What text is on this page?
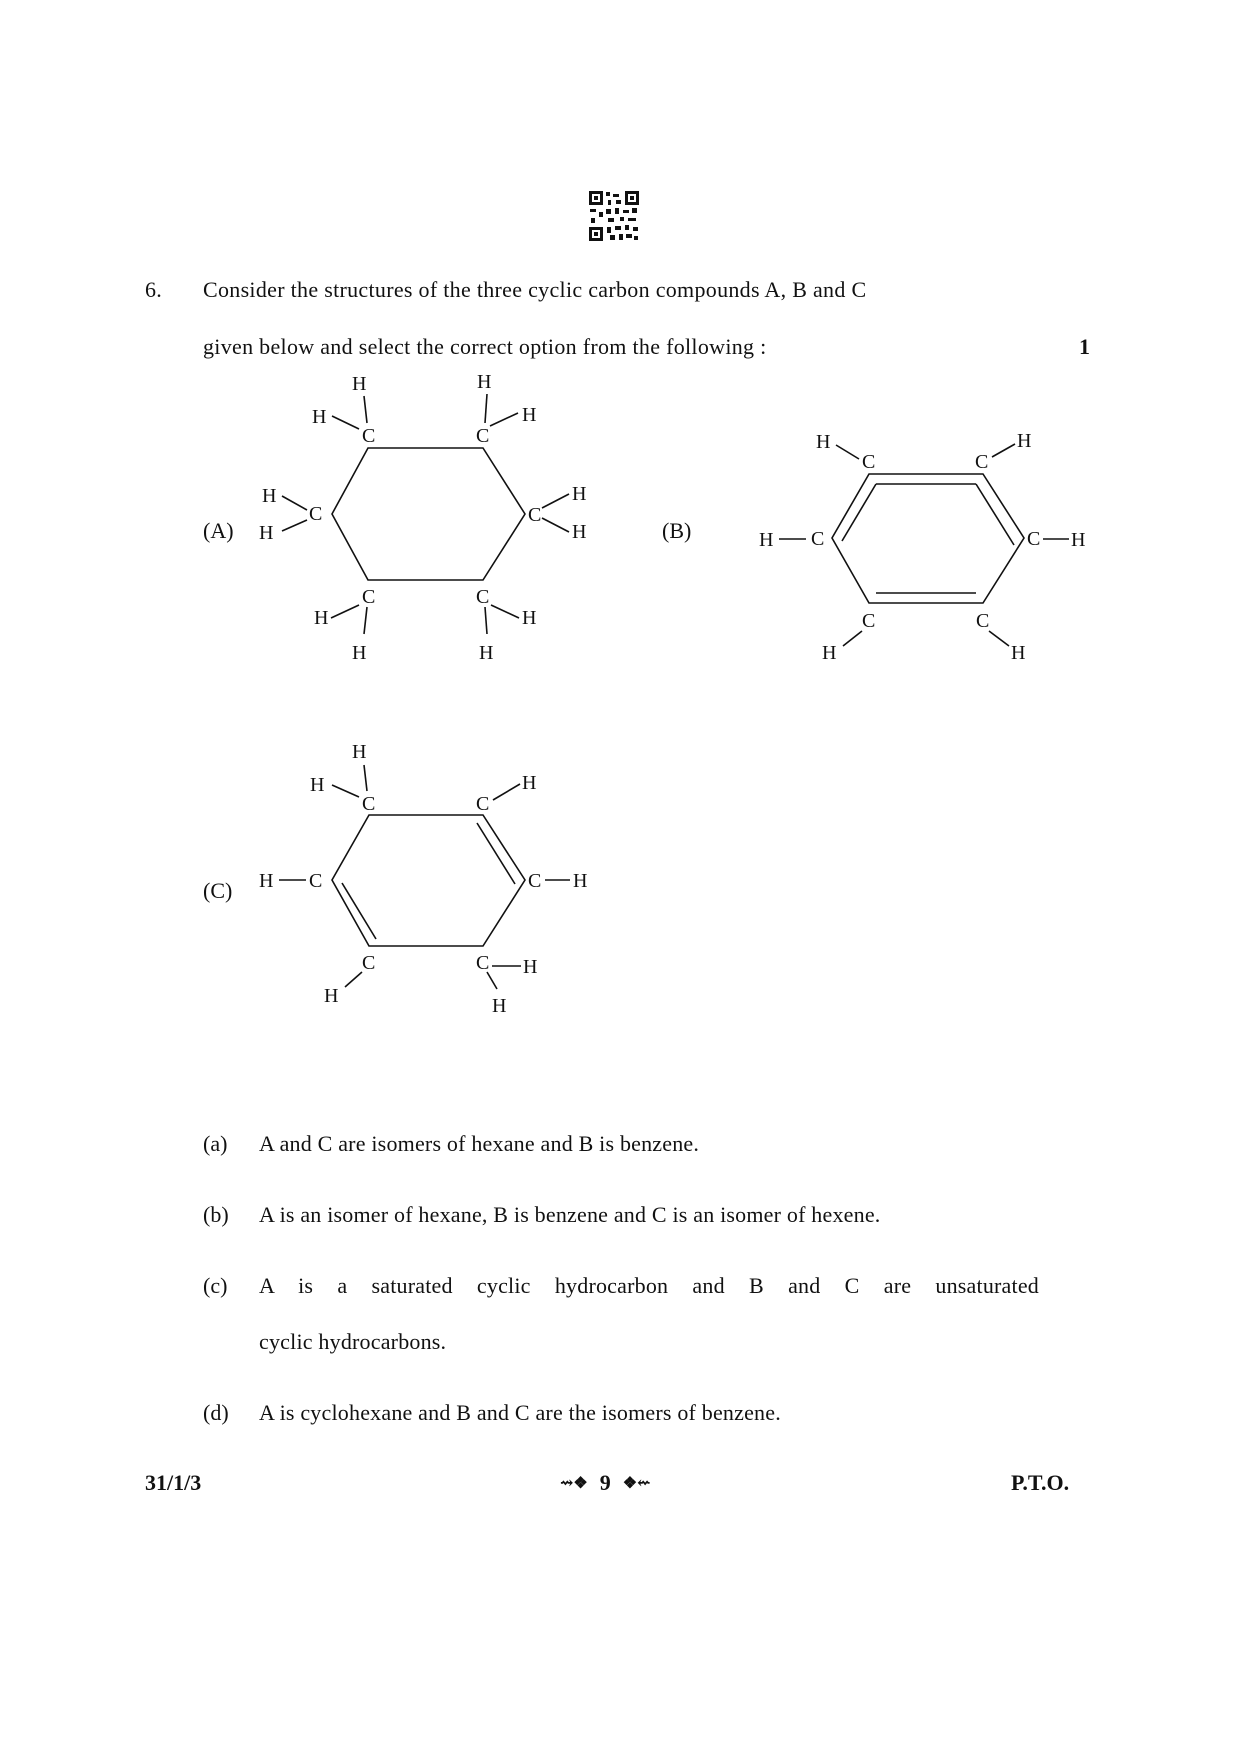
6. Consider the structures of the three cyclic carbon compounds A, B and C
given below and select the correct option from the following :	1
(A)
C	C
C
C
C
C
H
H
H
H
H
H
H
H
H
H
H
H	(B)
C	C
C
C
C
C
H	H
H
H
H
H
(C)
C	C
C
C
C
C
H
H	H
H
H
H
H
H
(a) A and C are isomers of hexane and B is benzene.
(b) A is an isomer of hexane, B is benzene and C is an isomer of hexene.
(c) A is a saturated cyclic hydrocarbon and B and C are unsaturated
cyclic hydrocarbons.
(d) A is cyclohexane and B and C are the isomers of benzene.
31/1/3	⇝❖ 9 ❖⇜	P.T.O.
